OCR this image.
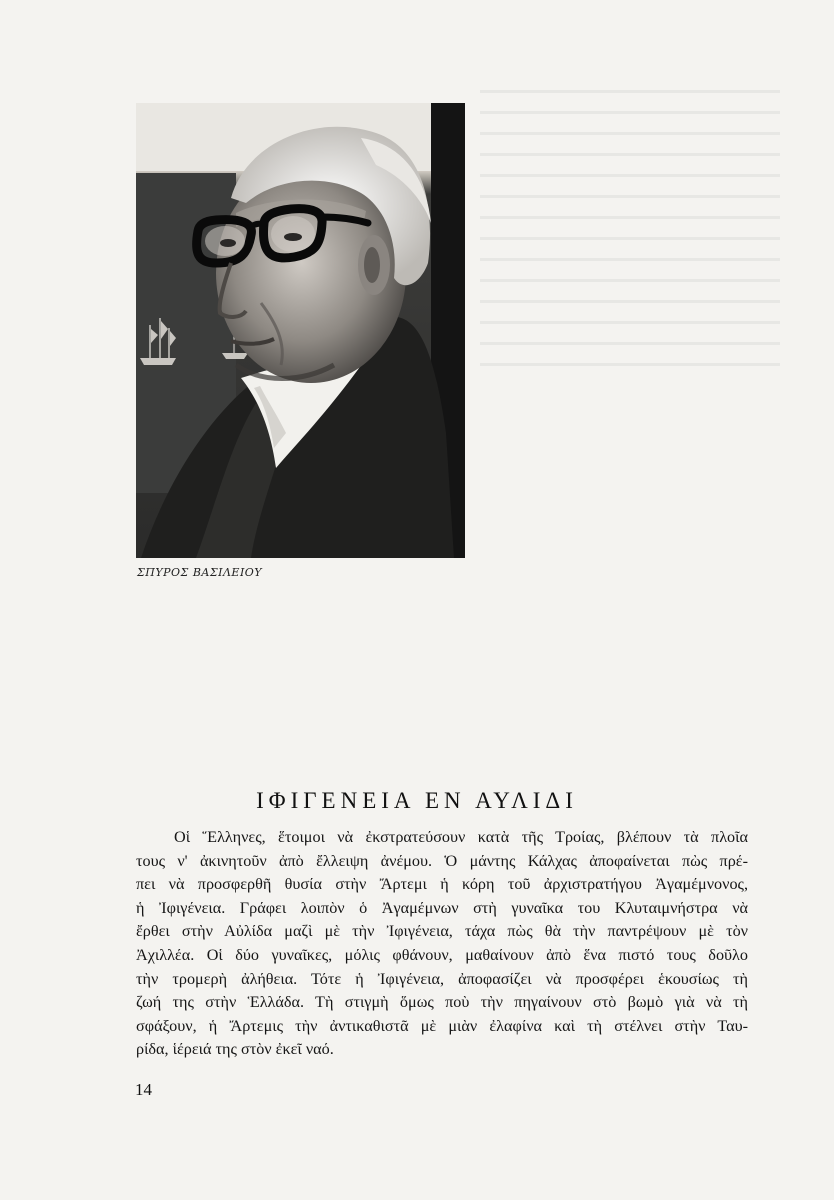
ΣΠΥΡΟΣ ΒΑΣΙΛΕΙΟΥ
ΙΦΙΓΕΝΕΙΑ ΕΝ ΑΥΛΙΔΙ
Οἱ Ἕλληνες, ἕτοιμοι νὰ ἐκστρατεύσουν κατὰ τῆς Τροίας, βλέπουν τὰ πλοῖα
τους ν' ἀκινητοῦν ἀπὸ ἔλλειψη ἀνέμου. Ὁ μάντης Κάλχας ἀποφαίνεται πὼς πρέ-
πει νὰ προσφερθῆ θυσία στὴν Ἄρτεμι ἡ κόρη τοῦ ἀρχιστρατήγου Ἀγαμέμνονος,
ἡ Ἰφιγένεια. Γράφει λοιπὸν ὁ Ἀγαμέμνων στὴ γυναῖκα του Κλυταιμνήστρα νὰ
ἔρθει στὴν Αὐλίδα μαζὶ μὲ τὴν Ἰφιγένεια, τάχα πὼς θὰ τὴν παντρέψουν μὲ τὸν
Ἀχιλλέα. Οἱ δύο γυναῖκες, μόλις φθάνουν, μαθαίνουν ἀπὸ ἕνα πιστό τους δοῦλο
τὴν τρομερὴ ἀλήθεια. Τότε ἡ Ἰφιγένεια, ἀποφασίζει νὰ προσφέρει ἑκουσίως τὴ
ζωή της στὴν Ἑλλάδα. Τὴ στιγμὴ ὅμως ποὺ τὴν πηγαίνουν στὸ βωμὸ γιὰ νὰ τὴ
σφάξουν, ἡ Ἄρτεμις τὴν ἀντικαθιστᾶ μὲ μιὰν ἐλαφίνα καὶ τὴ στέλνει στὴν Ταυ-
ρίδα, ἱέρειά της στὸν ἐκεῖ ναό.
14
